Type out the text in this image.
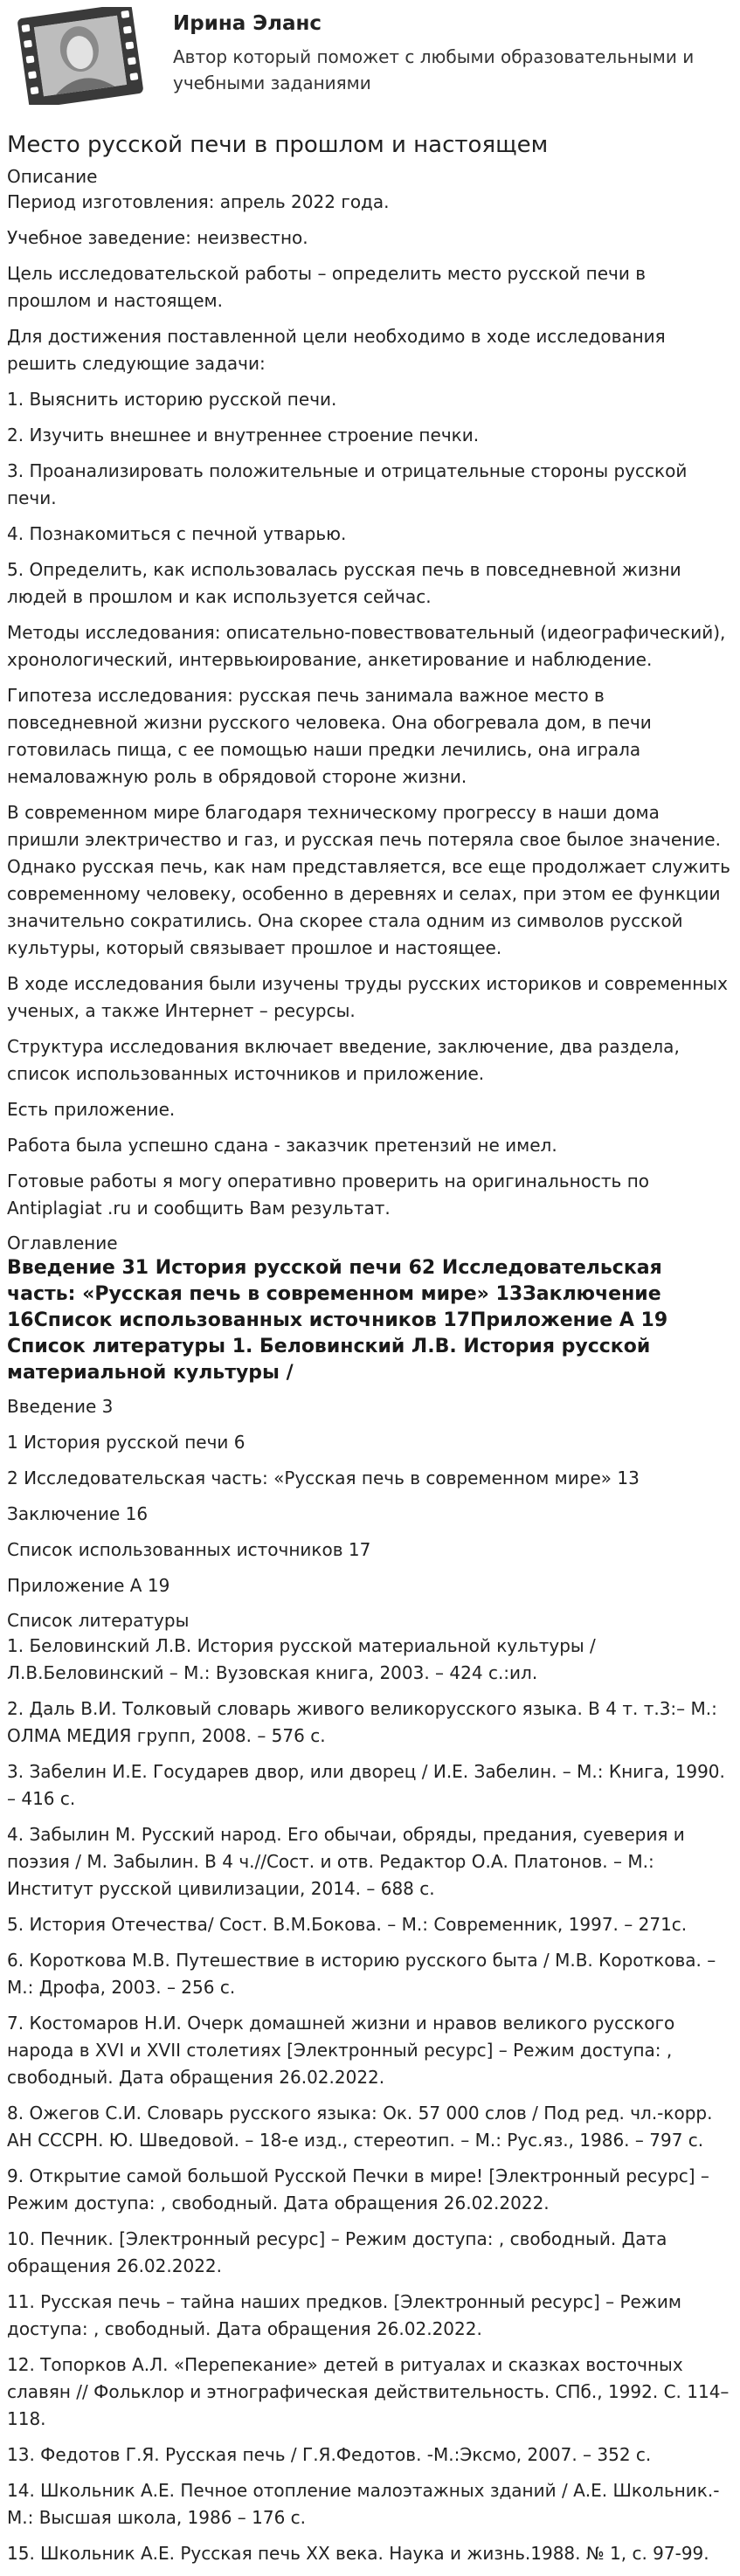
Ирина Эланс
Автор который поможет с любыми образовательными и учебными заданиями
Место русской печи в прошлом и настоящем
Описание

Период изготовления: апрель 2022 года.

Учебное заведение: неизвестно.

Цель исследовательской работы – определить место русской печи в прошлом и настоящем.

Для достижения поставленной цели необходимо в ходе исследования решить следующие задачи:

1. Выяснить историю русской печи.

2. Изучить внешнее и внутреннее строение печки.

3. Проанализировать положительные и отрицательные стороны русской печи.

4. Познакомиться с печной утварью.

5. Определить, как использовалась русская печь в повседневной жизни людей в прошлом и как используется сейчас.

Методы исследования: описательно-повествовательный (идеографический), хронологический, интервьюирование, анкетирование и наблюдение.

Гипотеза исследования: русская печь занимала важное место в повседневной жизни русского человека. Она обогревала дом, в печи готовилась пища, с ее помощью наши предки лечились, она играла немаловажную роль в обрядовой стороне жизни.

В современном мире благодаря техническому прогрессу в наши дома пришли электричество и газ, и русская печь потеряла свое былое значение. Однако русская печь, как нам представляется, все еще продолжает служить современному человеку, особенно в деревнях и селах, при этом ее функции значительно сократились. Она скорее стала одним из символов русской культуры, который связывает прошлое и настоящее.

В ходе исследования были изучены труды русских историков и современных ученых, а также Интернет – ресурсы.

Структура исследования включает введение, заключение, два раздела, список использованных источников и приложение.

Есть приложение.

Работа была успешно сдана - заказчик претензий не имел.

Готовые работы я могу оперативно проверить на оригинальность по Antiplagiat .ru и сообщить Вам результат.

Оглавление
Введение 31 История русской печи 62 Исследовательская часть: «Русская печь в современном мире» 13Заключение 16Список использованных источников 17Приложение А 19 Список литературы 1. Беловинский Л.В. История русской материальной культуры /
Введение 3
1 История русской печи 6
2 Исследовательская часть: «Русская печь в современном мире» 13
Заключение 16
Список использованных источников 17
Приложение А 19
Список литературы
1. Беловинский Л.В. История русской материальной культуры / Л.В.Беловинский – М.: Вузовская книга, 2003. – 424 с.:ил.
2. Даль В.И. Толковый словарь живого великорусского языка. В 4 т. т.3:– М.: ОЛМА МЕДИЯ групп, 2008. – 576 с.
3. Забелин И.Е. Государев двор, или дворец / И.Е. Забелин. – М.: Книга, 1990. – 416 с.
4. Забылин М. Русский народ. Его обычаи, обряды, предания, суеверия и поэзия / М. Забылин. В 4 ч.//Сост. и отв. Редактор О.А. Платонов. – М.: Институт русской цивилизации, 2014. – 688 с.
5. История Отечества/ Сост. В.М.Бокова. – М.: Современник, 1997. – 271с.
6. Короткова М.В. Путешествие в историю русского быта / М.В. Короткова. – М.: Дрофа, 2003. – 256 с.
7. Костомаров Н.И. Очерк домашней жизни и нравов великого русского народа в XVI и XVII столетиях [Электронный ресурс] – Режим доступа: , свободный. Дата обращения 26.02.2022.
8. Ожегов С.И. Словарь русского языка: Ок. 57 000 слов / Под ред. чл.-корр. АН СССРН. Ю. Шведовой. – 18-е изд., стереотип. – М.: Рус.яз., 1986. – 797 с.
9. Открытие самой большой Русской Печки в мире! [Электронный ресурс] – Режим доступа: , свободный. Дата обращения 26.02.2022.
10. Печник. [Электронный ресурс] – Режим доступа: , свободный. Дата обращения 26.02.2022.
11. Русская печь – тайна наших предков. [Электронный ресурс] – Режим доступа: , свободный. Дата обращения 26.02.2022.
12. Топорков А.Л. «Перепекание» детей в ритуалах и сказках восточных славян // Фольклор и этнографическая действительность. СПб., 1992. С. 114–118.
13. Федотов Г.Я. Русская печь / Г.Я.Федотов. -М.:Эксмо, 2007. – 352 с.
14. Школьник А.Е. Печное отопление малоэтажных зданий / А.Е. Школьник.-М.: Высшая школа, 1986 – 176 с.
15. Школьник А.Е. Русская печь XX века. Наука и жизнь.1988. № 1, с. 97-99.
